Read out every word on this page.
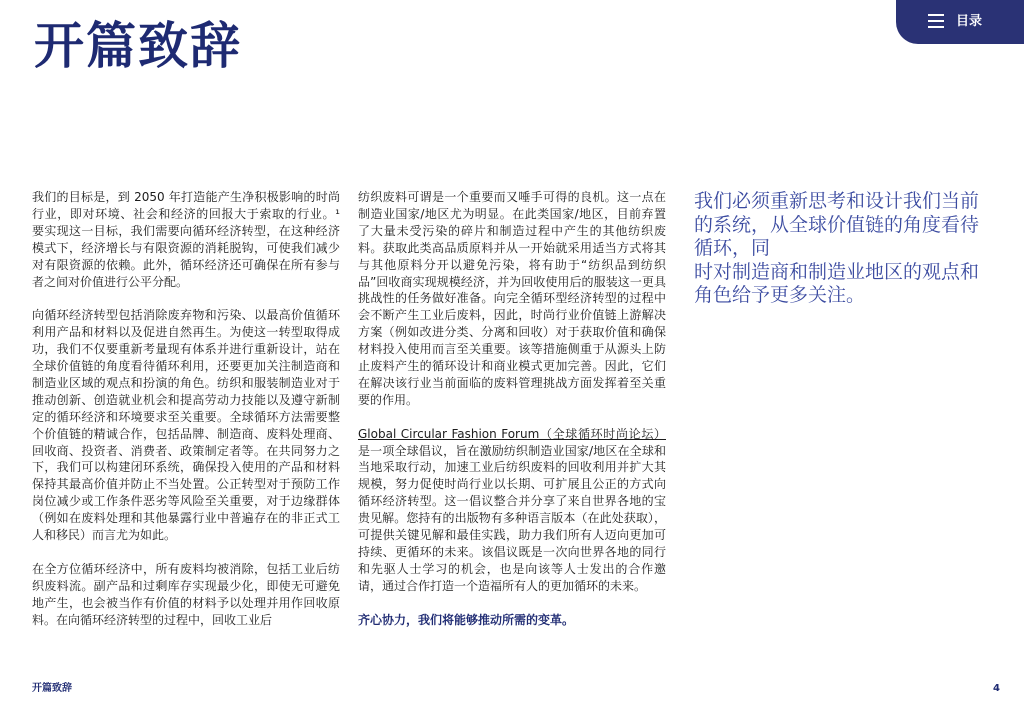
开篇致辞	目录

我们的目标是，到 2050 年打造能产生净积极影响的时尚行业，即对环境、社会和经济的回报大于索取的行业。¹ 要实现这一目标，我们需要向循环经济转型，在这种经济模式下，经济增长与有限资源的消耗脱钩，可使我们减少对有限资源的依赖。此外，循环经济还可确保在所有参与者之间对价值进行公平分配。

向循环经济转型包括消除废弃物和污染、以最高价值循环利用产品和材料以及促进自然再生。为使这一转型取得成功，我们不仅要重新考量现有体系并进行重新设计，站在全球价值链的角度看待循环利用，还要更加关注制造商和制造业区域的观点和扮演的角色。纺织和服装制造业对于推动创新、创造就业机会和提高劳动力技能以及遵守新制定的循环经济和环境要求至关重要。全球循环方法需要整个价值链的精诚合作，包括品牌、制造商、废料处理商、回收商、投资者、消费者、政策制定者等。在共同努力之下，我们可以构建闭环系统，确保投入使用的产品和材料保持其最高价值并防止不当处置。公正转型对于预防工作岗位减少或工作条件恶劣等风险至关重要，对于边缘群体（例如在废料处理和其他暴露行业中普遍存在的非正式工人和移民）而言尤为如此。

在全方位循环经济中，所有废料均被消除，包括工业后纺织废料流。副产品和过剩库存实现最少化，即使无可避免地产生，也会被当作有价值的材料予以处理并用作回收原料。在向循环经济转型的过程中，回收工业后

纺织废料可谓是一个重要而又唾手可得的良机。这一点在制造业国家/地区尤为明显。在此类国家/地区，目前弃置了大量未受污染的碎片和制造过程中产生的其他纺织废料。获取此类高品质原料并从一开始就采用适当方式将其与其他原料分开以避免污染，将有助于“纺织品到纺织品”回收商实现规模经济，并为回收使用后的服装这一更具挑战性的任务做好准备。向完全循环型经济转型的过程中会不断产生工业后废料，因此，时尚行业价值链上游解决方案（例如改进分类、分离和回收）对于获取价值和确保材料投入使用而言至关重要。该等措施侧重于从源头上防止废料产生的循环设计和商业模式更加完善。因此，它们在解决该行业当前面临的废料管理挑战方面发挥着至关重要的作用。

Global Circular Fashion Forum（全球循环时尚论坛）是一项全球倡议，旨在激励纺织制造业国家/地区在全球和当地采取行动，加速工业后纺织废料的回收利用并扩大其规模，努力促使时尚行业以长期、可扩展且公正的方式向循环经济转型。这一倡议整合并分享了来自世界各地的宝贵见解。您持有的出版物有多种语言版本（在此处获取），可提供关键见解和最佳实践，助力我们所有人迈向更加可持续、更循环的未来。该倡议既是一次向世界各地的同行和先驱人士学习的机会，也是向该等人士发出的合作邀请，通过合作打造一个造福所有人的更加循环的未来。

齐心协力，我们将能够推动所需的变革。

我们必须重新思考和设计我们当前的系统，从全球价值链的角度看待循环，同
时对制造商和制造业地区的观点和角色给予更多关注。
开篇致辞	4
